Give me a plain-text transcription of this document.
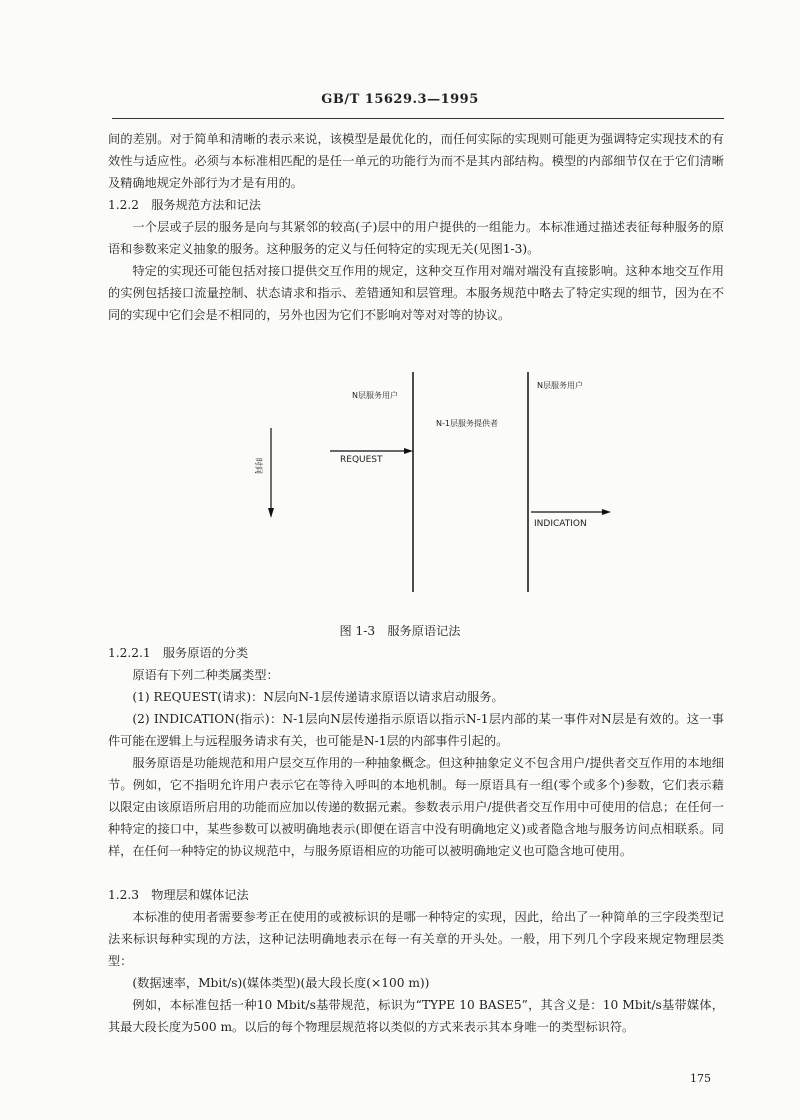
GB/T 15629.3—1995
间的差别。对于简单和清晰的表示来说，该模型是最优化的，而任何实际的实现则可能更为强调特定实现技术的有效性与适应性。必须与本标准相匹配的是任一单元的功能行为而不是其内部结构。模型的内部细节仅在于它们清晰及精确地规定外部行为才是有用的。
1.2.2　服务规范方法和记法
一个层或子层的服务是向与其紧邻的较高(子)层中的用户提供的一组能力。本标准通过描述表征每种服务的原语和参数来定义抽象的服务。这种服务的定义与任何特定的实现无关(见图1-3)。
特定的实现还可能包括对接口提供交互作用的规定，这种交互作用对端对端没有直接影响。这种本地交互作用的实例包括接口流量控制、状态请求和指示、差错通知和层管理。本服务规范中略去了特定实现的细节，因为在不同的实现中它们会是不相同的，另外也因为它们不影响对等对对等的协议。
N层服务用户
N-1层服务提供者
N层服务用户
REQUEST
INDICATION
时间
图 1-3　服务原语记法
1.2.2.1　服务原语的分类
原语有下列二种类属类型：
(1) REQUEST(请求)：N层向N-1层传递请求原语以请求启动服务。
(2) INDICATION(指示)：N-1层向N层传递指示原语以指示N-1层内部的某一事件对N层是有效的。这一事件可能在逻辑上与远程服务请求有关，也可能是N-1层的内部事件引起的。
服务原语是功能规范和用户层交互作用的一种抽象概念。但这种抽象定义不包含用户/提供者交互作用的本地细节。例如，它不指明允许用户表示它在等待入呼叫的本地机制。每一原语具有一组(零个或多个)参数，它们表示藉以限定由该原语所启用的功能而应加以传递的数据元素。参数表示用户/提供者交互作用中可使用的信息；在任何一种特定的接口中，某些参数可以被明确地表示(即便在语言中没有明确地定义)或者隐含地与服务访问点相联系。同样，在任何一种特定的协议规范中，与服务原语相应的功能可以被明确地定义也可隐含地可使用。
1.2.3　物理层和媒体记法
本标准的使用者需要参考正在使用的或被标识的是哪一种特定的实现，因此，给出了一种简单的三字段类型记法来标识每种实现的方法，这种记法明确地表示在每一有关章的开头处。一般，用下列几个字段来规定物理层类型：
(数据速率，Mbit/s)(媒体类型)(最大段长度(×100 m))
例如，本标准包括一种10 Mbit/s基带规范，标识为“TYPE 10 BASE5”，其含义是：10 Mbit/s基带媒体，其最大段长度为500 m。以后的每个物理层规范将以类似的方式来表示其本身唯一的类型标识符。
175
